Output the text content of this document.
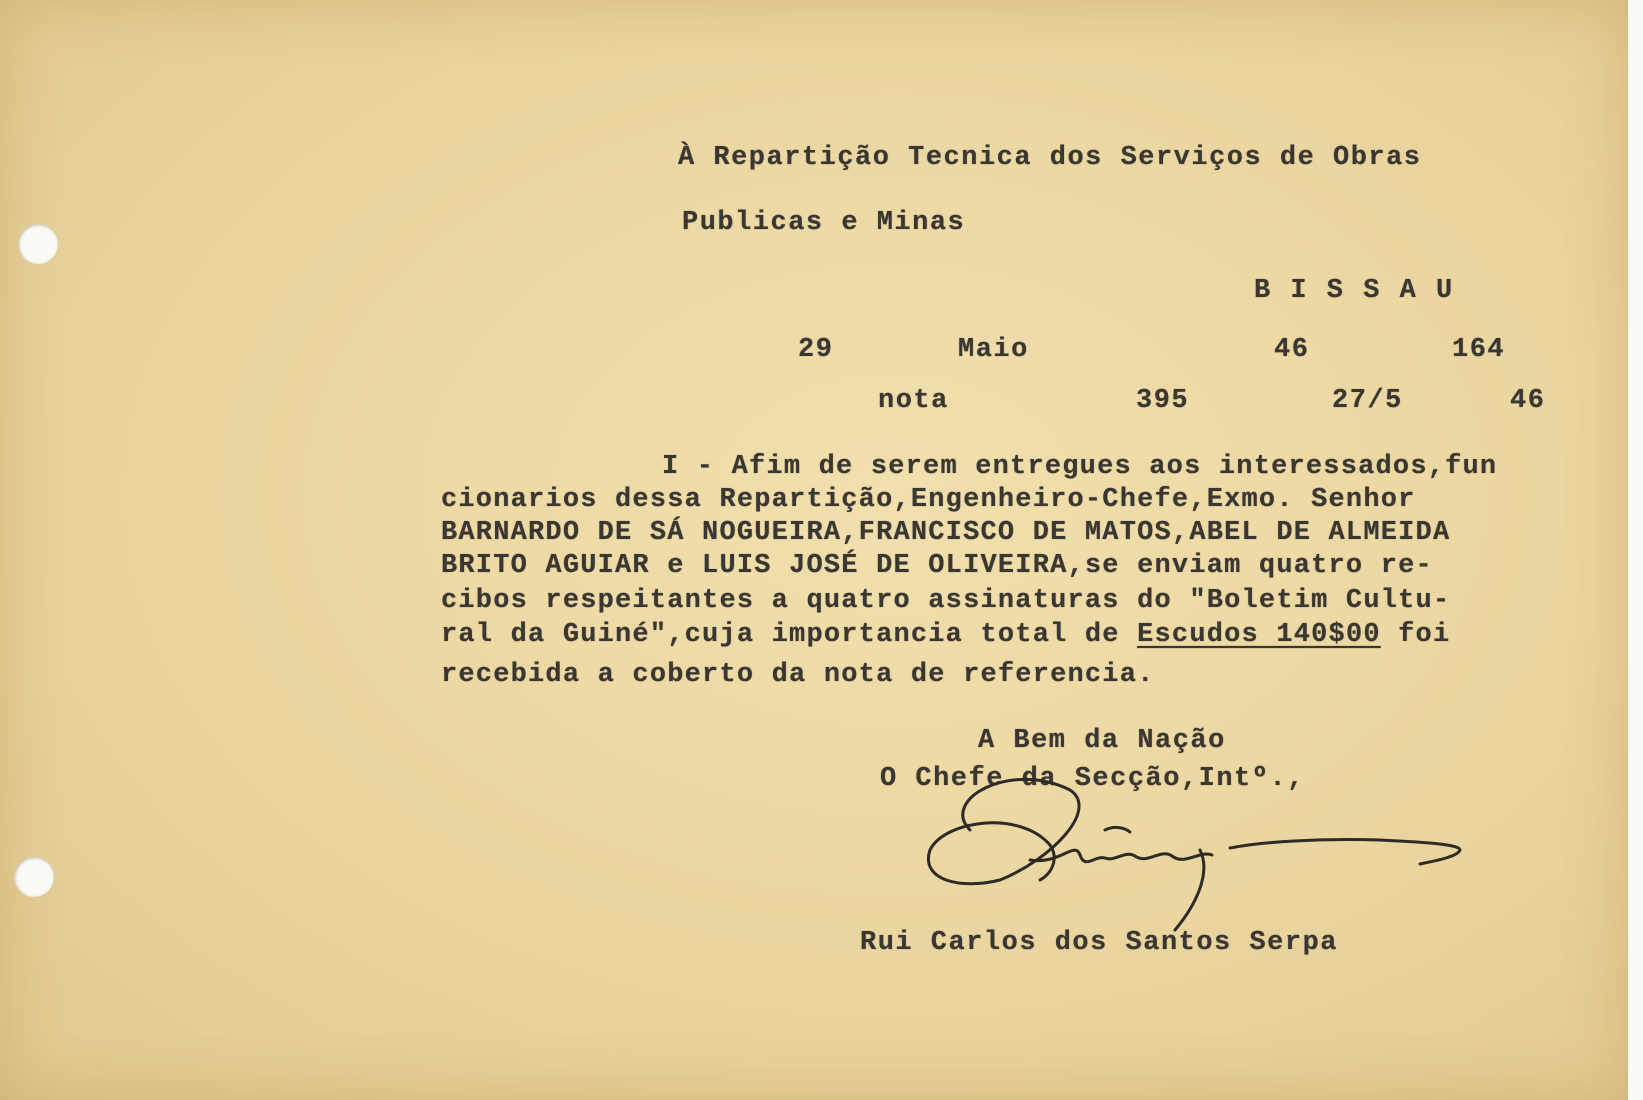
À Repartição Tecnica dos Serviços de Obras
Publicas e Minas
B I S S A U
29	Maio	46	164
nota	395	27/5	46
I - Afim de serem entregues aos interessados,fun
cionarios dessa Repartição,Engenheiro-Chefe,Exmo. Senhor
BARNARDO DE SÁ NOGUEIRA,FRANCISCO DE MATOS,ABEL DE ALMEIDA
BRITO AGUIAR e LUIS JOSÉ DE OLIVEIRA,se enviam quatro re-
cibos respeitantes a quatro assinaturas do "Boletim Cultu-
ral da Guiné",cuja importancia total de Escudos 140$00 foi
recebida a coberto da nota de referencia.
A Bem da Nação
O Chefe da Secção,Intº.,
Rui Carlos dos Santos Serpa
